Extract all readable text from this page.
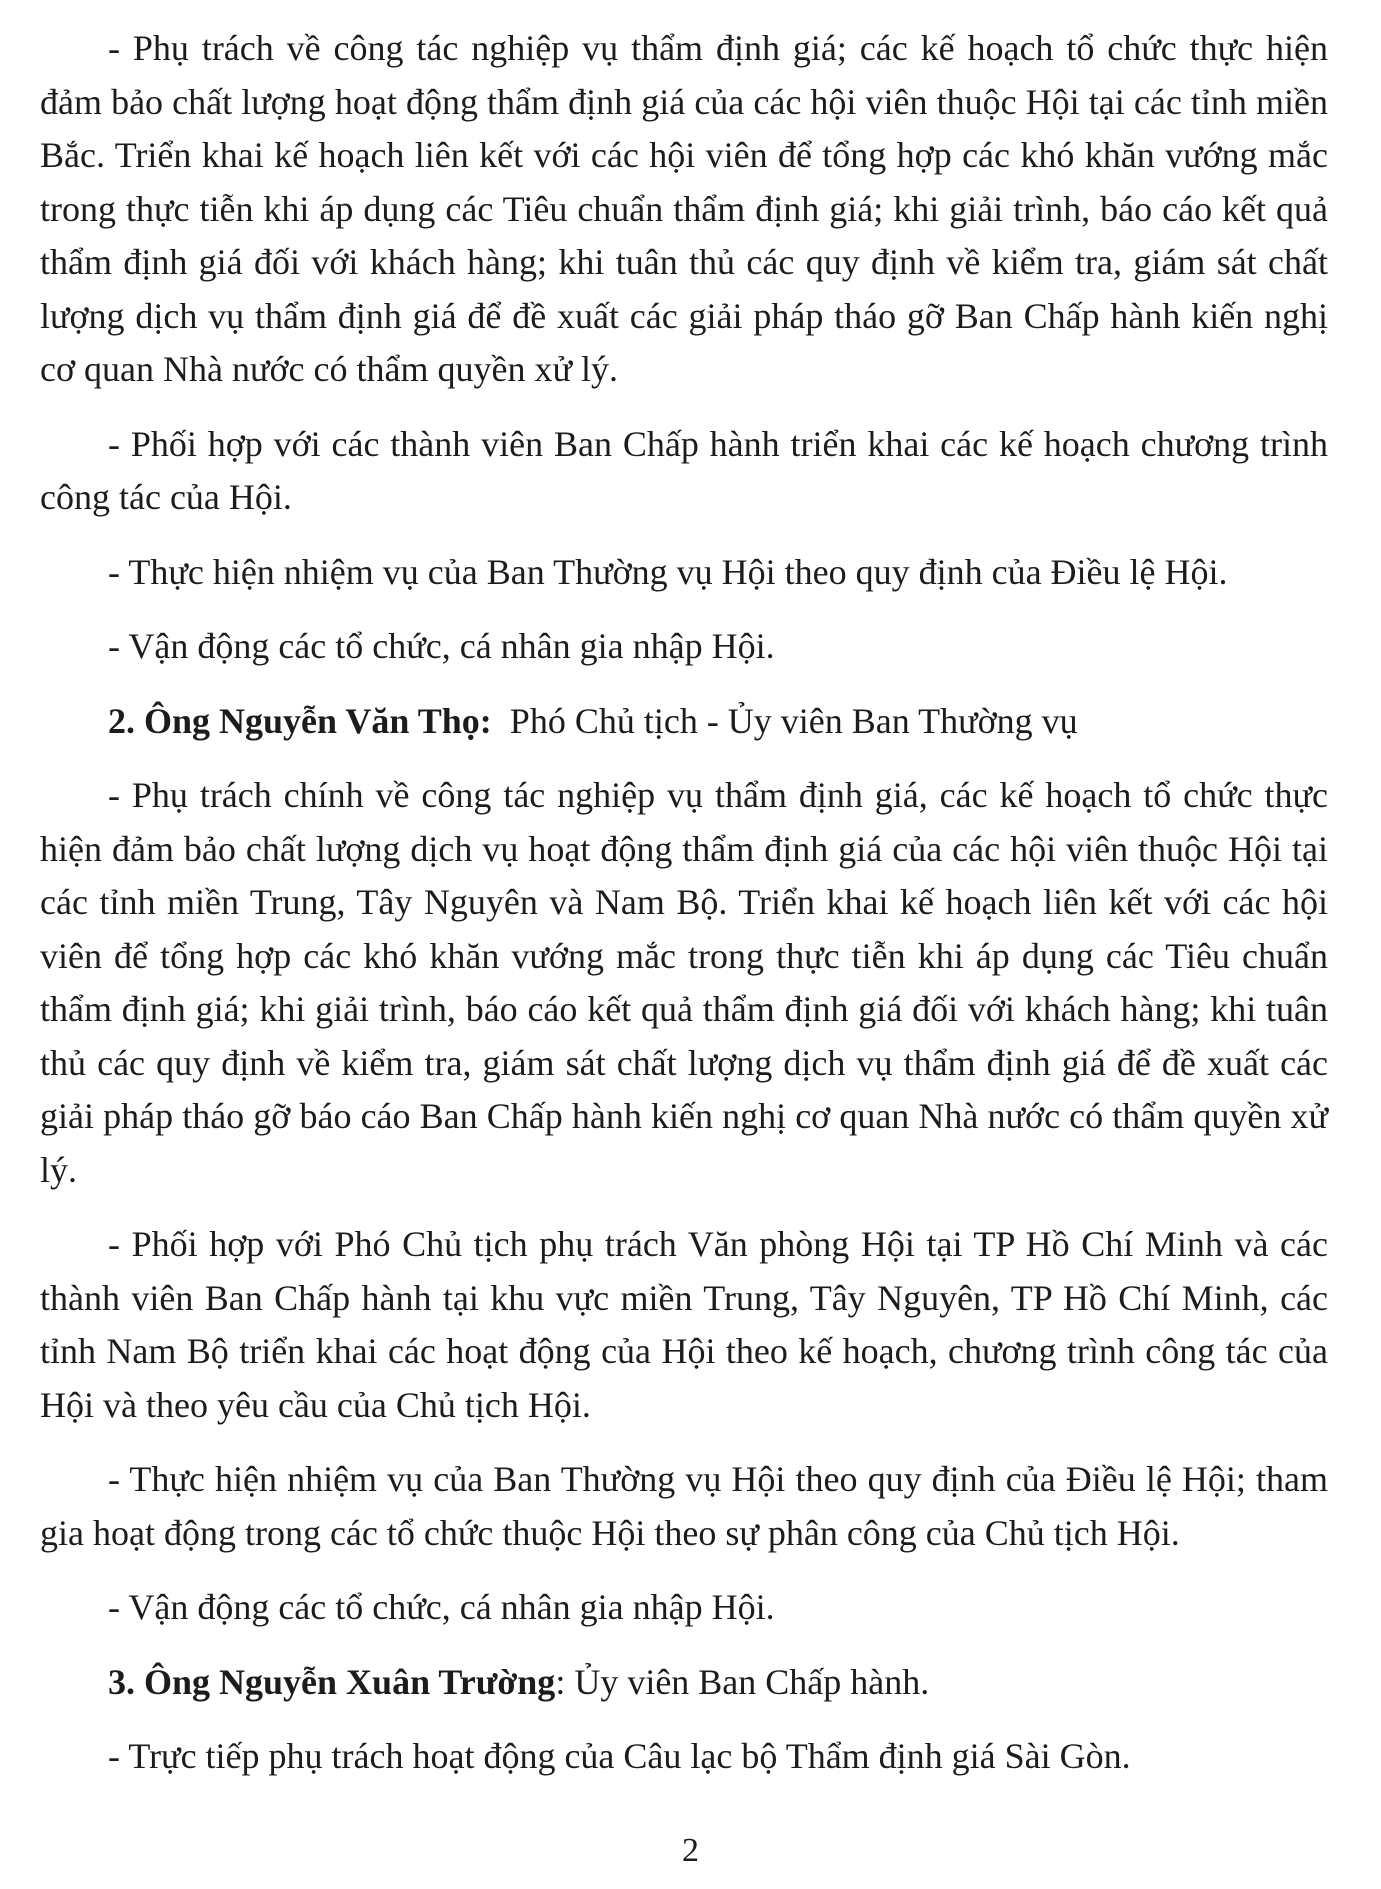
- Phụ trách về công tác nghiệp vụ thẩm định giá; các kế hoạch tổ chức thực hiện đảm bảo chất lượng hoạt động thẩm định giá của các hội viên thuộc Hội tại các tỉnh miền Bắc. Triển khai kế hoạch liên kết với các hội viên để tổng hợp các khó khăn vướng mắc trong thực tiễn khi áp dụng các Tiêu chuẩn thẩm định giá; khi giải trình, báo cáo kết quả thẩm định giá đối với khách hàng; khi tuân thủ các quy định về kiểm tra, giám sát chất lượng dịch vụ thẩm định giá để đề xuất các giải pháp tháo gỡ Ban Chấp hành kiến nghị cơ quan Nhà nước có thẩm quyền xử lý.

- Phối hợp với các thành viên Ban Chấp hành triển khai các kế hoạch chương trình công tác của Hội.

- Thực hiện nhiệm vụ của Ban Thường vụ Hội theo quy định của Điều lệ Hội.

- Vận động các tổ chức, cá nhân gia nhập Hội.

2. Ông Nguyễn Văn Thọ: Phó Chủ tịch - Ủy viên Ban Thường vụ

- Phụ trách chính về công tác nghiệp vụ thẩm định giá, các kế hoạch tổ chức thực hiện đảm bảo chất lượng dịch vụ hoạt động thẩm định giá của các hội viên thuộc Hội tại các tỉnh miền Trung, Tây Nguyên và Nam Bộ. Triển khai kế hoạch liên kết với các hội viên để tổng hợp các khó khăn vướng mắc trong thực tiễn khi áp dụng các Tiêu chuẩn thẩm định giá; khi giải trình, báo cáo kết quả thẩm định giá đối với khách hàng; khi tuân thủ các quy định về kiểm tra, giám sát chất lượng dịch vụ thẩm định giá để đề xuất các giải pháp tháo gỡ báo cáo Ban Chấp hành kiến nghị cơ quan Nhà nước có thẩm quyền xử lý.

- Phối hợp với Phó Chủ tịch phụ trách Văn phòng Hội tại TP Hồ Chí Minh và các thành viên Ban Chấp hành tại khu vực miền Trung, Tây Nguyên, TP Hồ Chí Minh, các tỉnh Nam Bộ triển khai các hoạt động của Hội theo kế hoạch, chương trình công tác của Hội và theo yêu cầu của Chủ tịch Hội.

- Thực hiện nhiệm vụ của Ban Thường vụ Hội theo quy định của Điều lệ Hội; tham gia hoạt động trong các tổ chức thuộc Hội theo sự phân công của Chủ tịch Hội.

- Vận động các tổ chức, cá nhân gia nhập Hội.

3. Ông Nguyễn Xuân Trường: Ủy viên Ban Chấp hành.

- Trực tiếp phụ trách hoạt động của Câu lạc bộ Thẩm định giá Sài Gòn.

2
